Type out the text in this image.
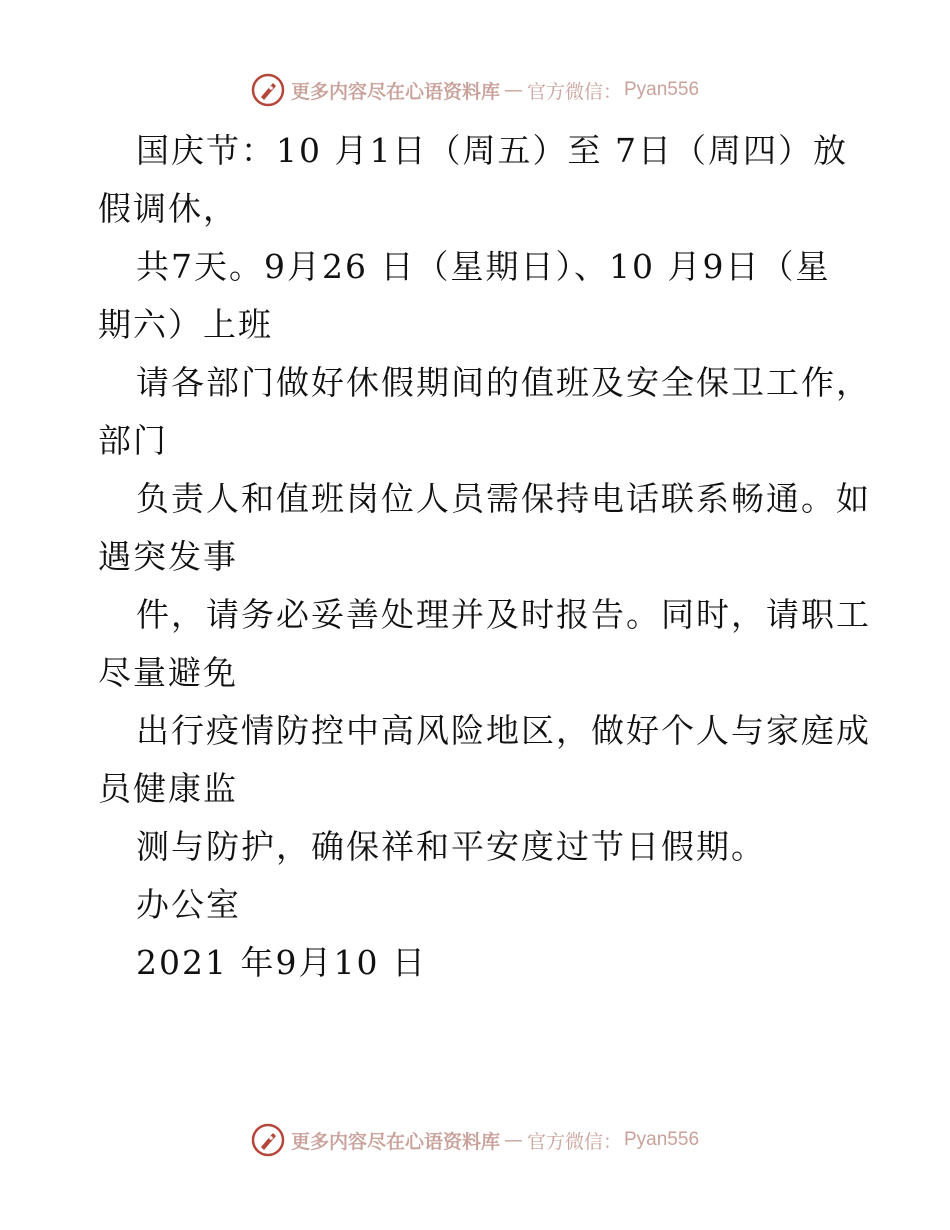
更多内容尽在心语资料库 — 官方微信： Pyan556
国庆节：10 月1日（周五）至 7日（周四）放
假调休，
共7天。9月26 日（星期日）、10 月9日（星
期六）上班
请各部门做好休假期间的值班及安全保卫工作，
部门
负责人和值班岗位人员需保持电话联系畅通。如
遇突发事
件，请务必妥善处理并及时报告。同时，请职工
尽量避免
出行疫情防控中高风险地区，做好个人与家庭成
员健康监
测与防护，确保祥和平安度过节日假期。
办公室
2021 年9月10 日
更多内容尽在心语资料库 — 官方微信： Pyan556
